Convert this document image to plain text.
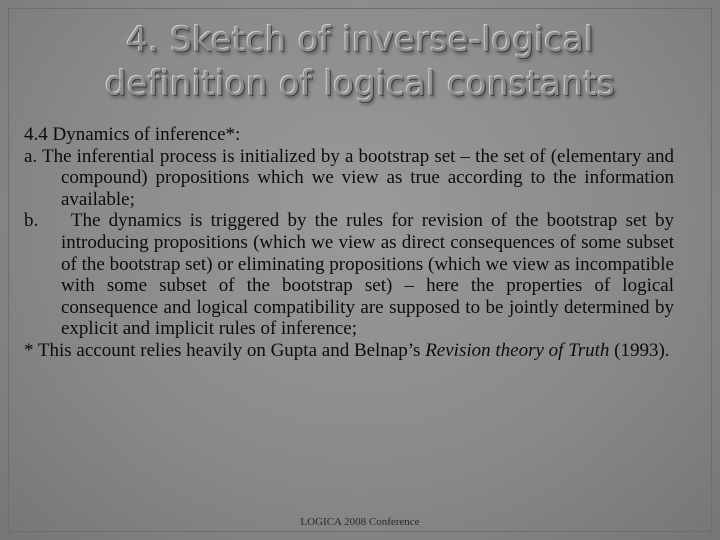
4. Sketch of inverse-logical
definition of logical constants

4.4 Dynamics of inference*:

a. The inferential process is initialized by a bootstrap set – the set of (elementary and compound) propositions which we view as true according to the information available;

b. The dynamics is triggered by the rules for revision of the bootstrap set by introducing propositions (which we view as direct consequences of some subset of the bootstrap set) or eliminating propositions (which we view as incompatible with some subset of the bootstrap set) – here the properties of logical consequence and logical compatibility are supposed to be jointly determined by explicit and implicit rules of inference;

* This account relies heavily on Gupta and Belnap’s Revision theory of Truth (1993).

LOGICA 2008 Conference
